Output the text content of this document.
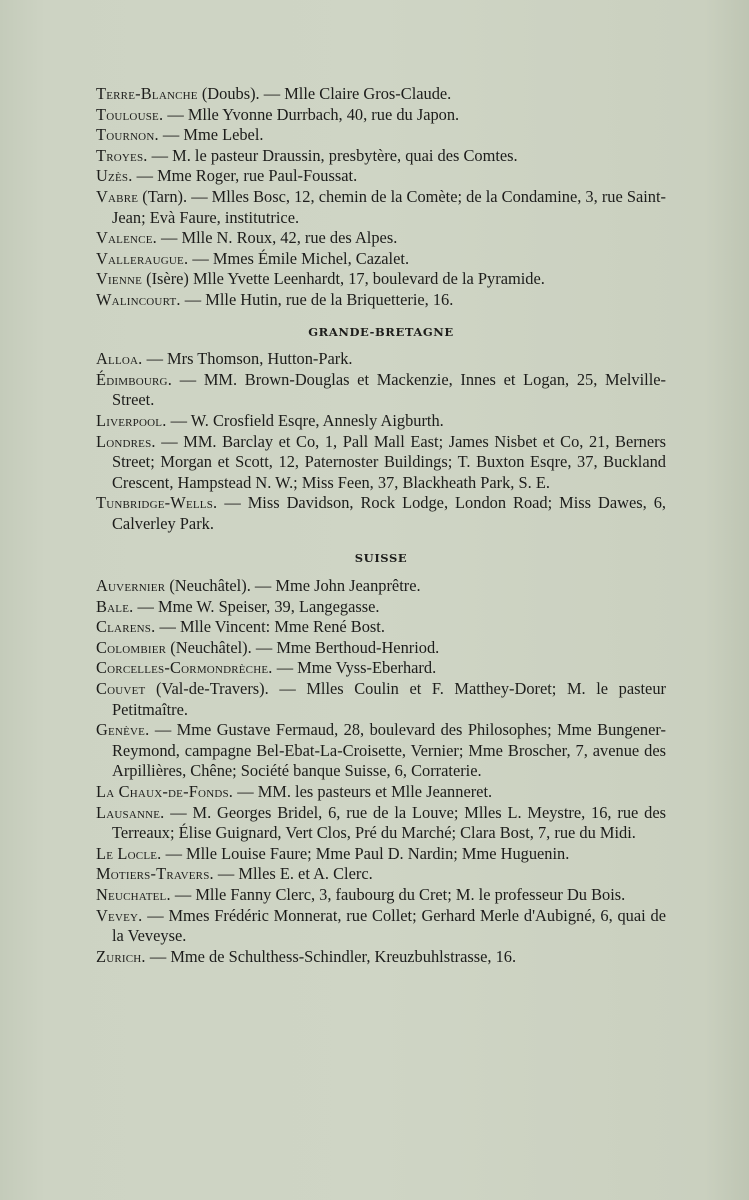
Terre-Blanche (Doubs). — Mlle Claire Gros-Claude.

Toulouse. — Mlle Yvonne Durrbach, 40, rue du Japon.

Tournon. — Mme Lebel.

Troyes. — M. le pasteur Draussin, presbytère, quai des Comtes.

Uzès. — Mme Roger, rue Paul-Foussat.

Vabre (Tarn). — Mlles Bosc, 12, chemin de la Comète; de la Condamine, 3, rue Saint-Jean; Evà Faure, institutrice.

Valence. — Mlle N. Roux, 42, rue des Alpes.

Valleraugue. — Mmes Émile Michel, Cazalet.

Vienne (Isère) Mlle Yvette Leenhardt, 17, boulevard de la Pyramide.

Walincourt. — Mlle Hutin, rue de la Briquetterie, 16.

GRANDE-BRETAGNE

Alloa. — Mrs Thomson, Hutton-Park.

Édimbourg. — MM. Brown-Douglas et Mackenzie, Innes et Logan, 25, Melville-Street.

Liverpool. — W. Crosfield Esqre, Annesly Aigburth.

Londres. — MM. Barclay et Co, 1, Pall Mall East; James Nisbet et Co, 21, Berners Street; Morgan et Scott, 12, Paternoster Buildings; T. Buxton Esqre, 37, Buckland Crescent, Hampstead N. W.; Miss Feen, 37, Blackheath Park, S. E.

Tunbridge-Wells. — Miss Davidson, Rock Lodge, London Road; Miss Dawes, 6, Calverley Park.

SUISSE

Auvernier (Neuchâtel). — Mme John Jeanprêtre.

Bale. — Mme W. Speiser, 39, Langegasse.

Clarens. — Mlle Vincent: Mme René Bost.

Colombier (Neuchâtel). — Mme Berthoud-Henriod.

Corcelles-Cormondrèche. — Mme Vyss-Eberhard.

Couvet (Val-de-Travers). — Mlles Coulin et F. Matthey-Doret; M. le pasteur Petitmaître.

Genève. — Mme Gustave Fermaud, 28, boulevard des Philosophes; Mme Bungener-Reymond, campagne Bel-Ebat-La-Croisette, Vernier; Mme Broscher, 7, avenue des Arpillières, Chêne; Société banque Suisse, 6, Corraterie.

La Chaux-de-Fonds. — MM. les pasteurs et Mlle Jeanneret.

Lausanne. — M. Georges Bridel, 6, rue de la Louve; Mlles L. Meystre, 16, rue des Terreaux; Élise Guignard, Vert Clos, Pré du Marché; Clara Bost, 7, rue du Midi.

Le Locle. — Mlle Louise Faure; Mme Paul D. Nardin; Mme Huguenin.

Motiers-Travers. — Mlles E. et A. Clerc.

Neuchatel. — Mlle Fanny Clerc, 3, faubourg du Cret; M. le professeur Du Bois.

Vevey. — Mmes Frédéric Monnerat, rue Collet; Gerhard Merle d'Aubigné, 6, quai de la Veveyse.

Zurich. — Mme de Schulthess-Schindler, Kreuzbuhlstrasse, 16.
